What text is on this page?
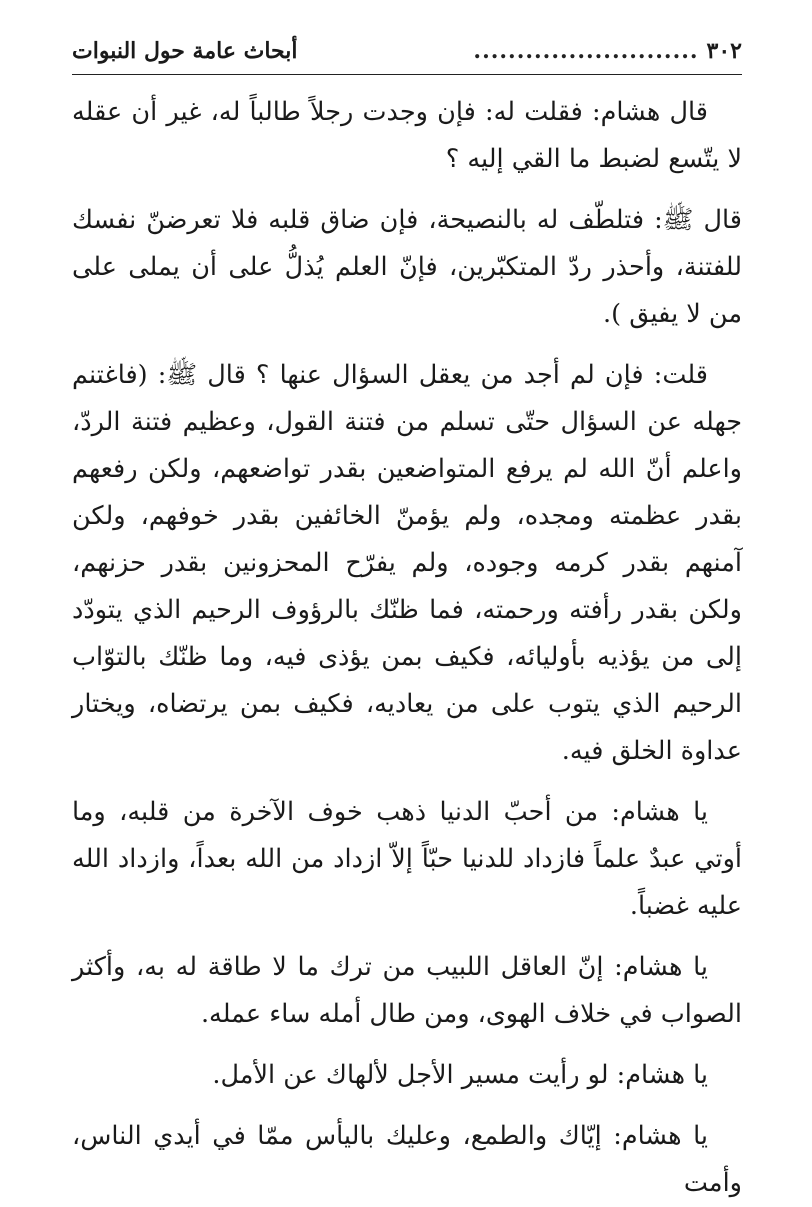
٣٠٢
..........................
أبحاث عامة حول النبوات

قال هشام: فقلت له: فإن وجدت رجلاً طالباً له، غير أن عقله لا يتّسع لضبط ما القي إليه ؟

قال ﷺ: فتلطّف له بالنصيحة، فإن ضاق قلبه فلا تعرضنّ نفسك للفتنة، وأحذر ردّ المتكبّرين، فإنّ العلم يُذلُّ على أن يملى على من لا يفيق ).

قلت: فإن لم أجد من يعقل السؤال عنها ؟ قال ﷺ: (فاغتنم جهله عن السؤال حتّى تسلم من فتنة القول، وعظيم فتنة الردّ، واعلم أنّ الله لم يرفع المتواضعين بقدر تواضعهم، ولكن رفعهم بقدر عظمته ومجده، ولم يؤمنّ الخائفين بقدر خوفهم، ولكن آمنهم بقدر كرمه وجوده، ولم يفرّح المحزونين بقدر حزنهم، ولكن بقدر رأفته ورحمته، فما ظنّك بالرؤوف الرحيم الذي يتودّد إلى من يؤذيه بأوليائه، فكيف بمن يؤذى فيه، وما ظنّك بالتوّاب الرحيم الذي يتوب على من يعاديه، فكيف بمن يرتضاه، ويختار عداوة الخلق فيه.

يا هشام: من أحبّ الدنيا ذهب خوف الآخرة من قلبه، وما أوتي عبدٌ علماً فازداد للدنيا حبّاً إلاّ ازداد من الله بعداً، وازداد الله عليه غضباً.

يا هشام: إنّ العاقل اللبيب من ترك ما لا طاقة له به، وأكثر الصواب في خلاف الهوى، ومن طال أمله ساء عمله.

يا هشام: لو رأيت مسير الأجل لألهاك عن الأمل.

يا هشام: إيّاك والطمع، وعليك باليأس ممّا في أيدي الناس، وأمت
